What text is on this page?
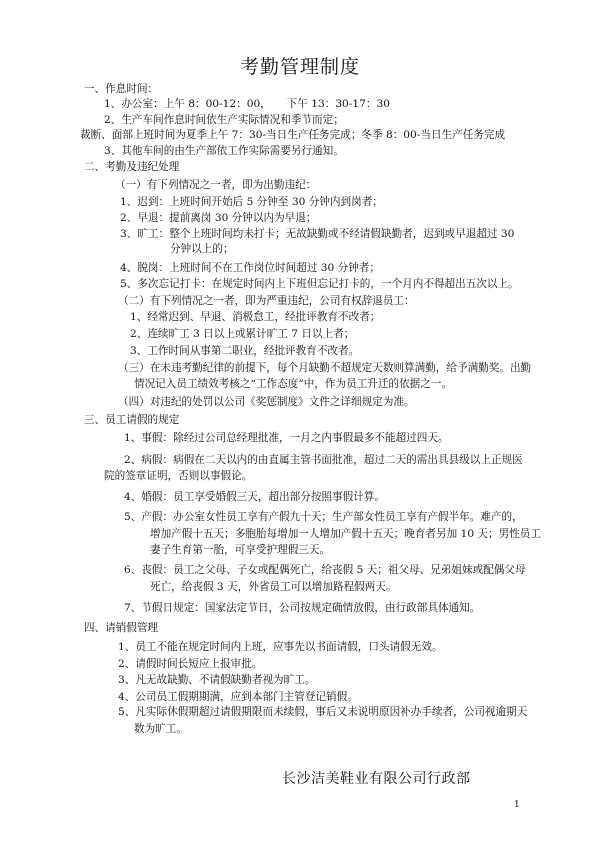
考勤管理制度
一、作息时间：
1、办公室：上午 8：00-12：00，　　下午 13：30-17：30
2、生产车间作息时间依生产实际情况和季节而定；
裁断、面部上班时间为夏季上午 7：30-当日生产任务完成；冬季 8：00-当日生产任务完成
3、其他车间的由生产部依工作实际需要另行通知。
二、考勤及违纪处理
（一）有下列情况之一者，即为出勤违纪：
1、迟到：上班时间开始后 5 分钟至 30 分钟内到岗者；
2、早退：提前离岗 30 分钟以内为早退；
3、旷工：整个上班时间均未打卡；无故缺勤或不经请假缺勤者，迟到或早退超过 30
分钟以上的；
4、脱岗：上班时间不在工作岗位时间超过 30 分钟者；
5、多次忘记打卡：在规定时间内上下班但忘记打卡的，一个月内不得超出五次以上。
（二）有下列情况之一者，即为严重违纪，公司有权辞退员工：
1、经常迟到、早退、消极怠工，经批评教育不改者；
2、连续旷工 3 日以上或累计旷工 7 日以上者；
3、工作时间从事第二职业，经批评教育不改者。
（三）在未违考勤纪律的前提下，每个月缺勤不超规定天数则算满勤，给予满勤奖。出勤
情况记入员工绩效考核之“工作态度”中，作为员工升迁的依据之一。
（四）对违纪的处罚以公司《奖惩制度》文件之详细规定为准。
三、员工请假的规定
1、事假：除经过公司总经理批准，一月之内事假最多不能超过四天。
2、病假：病假在二天以内的由直属主管书面批准，超过二天的需出具县级以上正规医
院的签章证明，否则以事假论。
4、婚假：员工享受婚假三天，超出部分按照事假计算。
5、产假：办公室女性员工享有产假九十天；生产部女性员工享有产假半年。难产的，
增加产假十五天；多胞胎每增加一人增加产假十五天；晚育者另加 10 天；男性员工
妻子生育第一胎，可享受护理假三天。
6、丧假：员工之父母、子女或配偶死亡，给丧假 5 天；祖父母、兄弟姐妹或配偶父母
死亡，给丧假 3 天，外省员工可以增加路程假两天。
7、节假日规定：国家法定节日，公司按规定确情放假，由行政部具体通知。
四、请销假管理
1、员工不能在规定时间内上班，应事先以书面请假，口头请假无效。
2、请假时间长短应上报审批。
3、凡无故缺勤、不请假缺勤者视为旷工。
4、公司员工假期期满，应到本部门主管登记销假。
5、凡实际休假期超过请假期限而未续假，事后又未说明原因补办手续者，公司视逾期天
数为旷工。
长沙洁美鞋业有限公司行政部
1
